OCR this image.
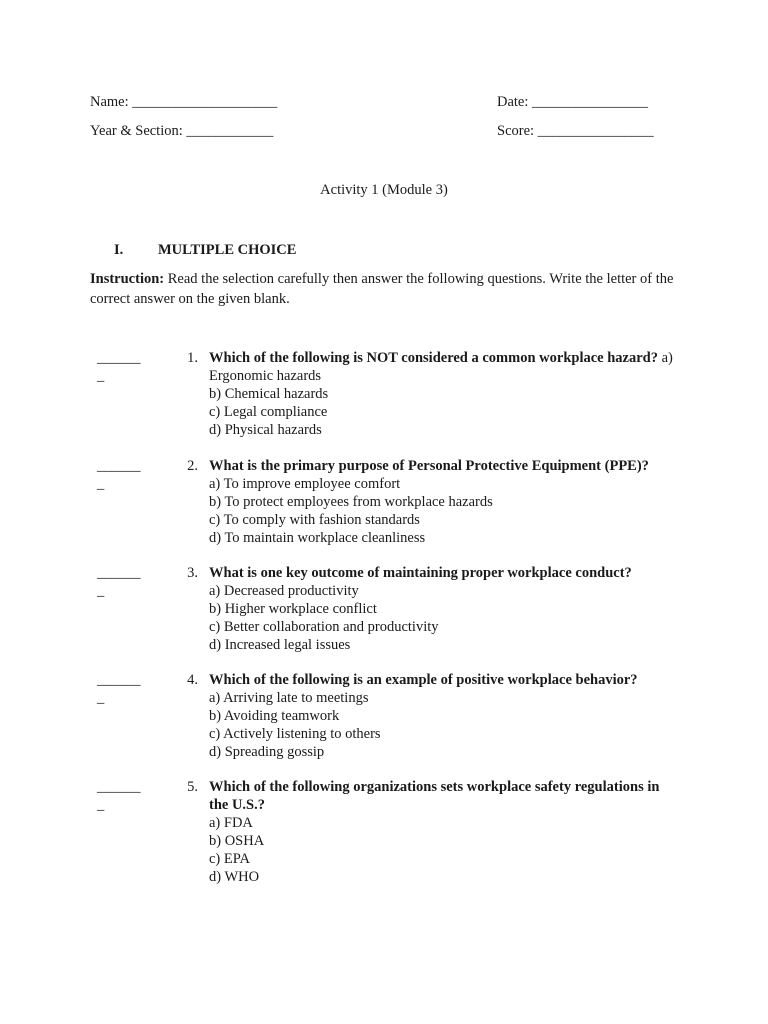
Name: ____________________	Date: ________________
Year & Section: ____________	Score: ________________
Activity 1 (Module 3)
I. MULTIPLE CHOICE
Instruction: Read the selection carefully then answer the following questions. Write the letter of the correct answer on the given blank.
_______
1. Which of the following is NOT considered a common workplace hazard? a) Ergonomic hazards
b) Chemical hazards
c) Legal compliance
d) Physical hazards
_______
2. What is the primary purpose of Personal Protective Equipment (PPE)?
a) To improve employee comfort
b) To protect employees from workplace hazards
c) To comply with fashion standards
d) To maintain workplace cleanliness
_______
3. What is one key outcome of maintaining proper workplace conduct?
a) Decreased productivity
b) Higher workplace conflict
c) Better collaboration and productivity
d) Increased legal issues
_______
4. Which of the following is an example of positive workplace behavior?
a) Arriving late to meetings
b) Avoiding teamwork
c) Actively listening to others
d) Spreading gossip
_______
5. Which of the following organizations sets workplace safety regulations in the U.S.?
a) FDA
b) OSHA
c) EPA
d) WHO
